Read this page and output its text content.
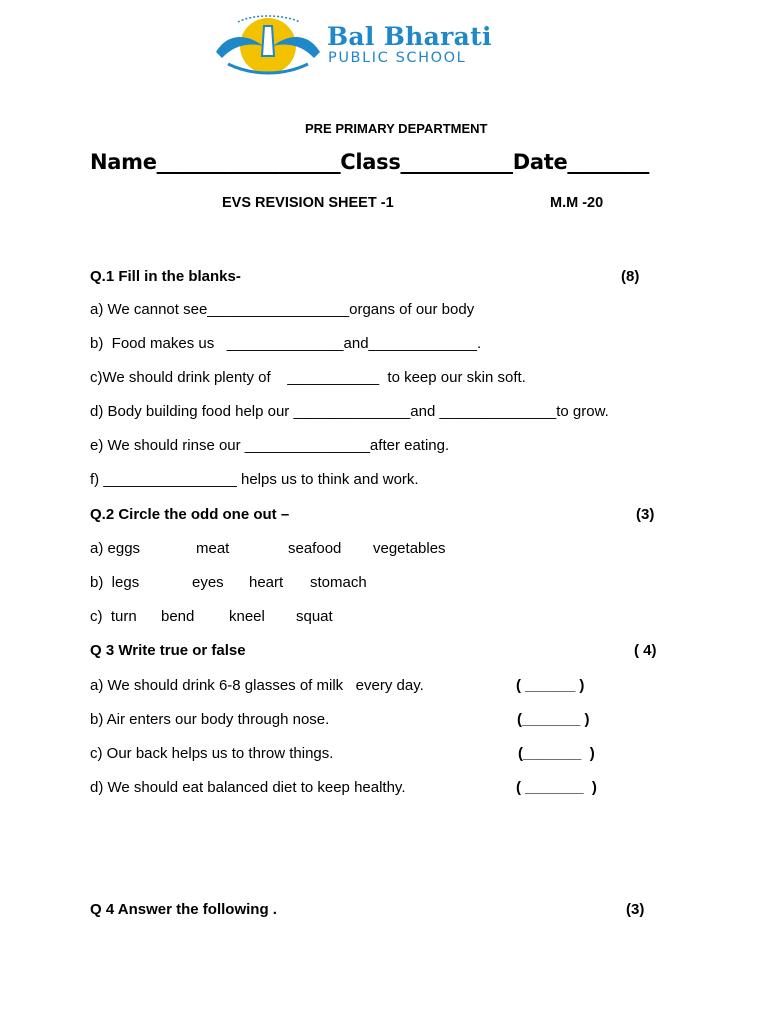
Bal Bharati
PUBLIC SCHOOL
PRE PRIMARY DEPARTMENT
Name__________________Class___________Date________
EVS REVISION SHEET -1	M.M -20
Q.1 Fill in the blanks-	(8)
a) We cannot see_________________organs of our body
b)  Food makes us   ______________and_____________.
c)We should drink plenty of    ___________  to keep our skin soft.
d) Body building food help our ______________and ______________to grow.
e) We should rinse our _______________after eating.
f) ________________ helps us to think and work.
Q.2 Circle the odd one out –	(3)
a) eggs	meat	seafood vegetables
b)  legs	eyes heart stomach
c)  turn bend kneel squat
Q 3 Write true or false	( 4)
a) We should drink 6-8 glasses of milk   every day.	( ______ )
b) Air enters our body through nose.	(_______ )
c) Our back helps us to throw things.	(_______  )
d) We should eat balanced diet to keep healthy.	( _______  )
Q 4 Answer the following .	(3)
